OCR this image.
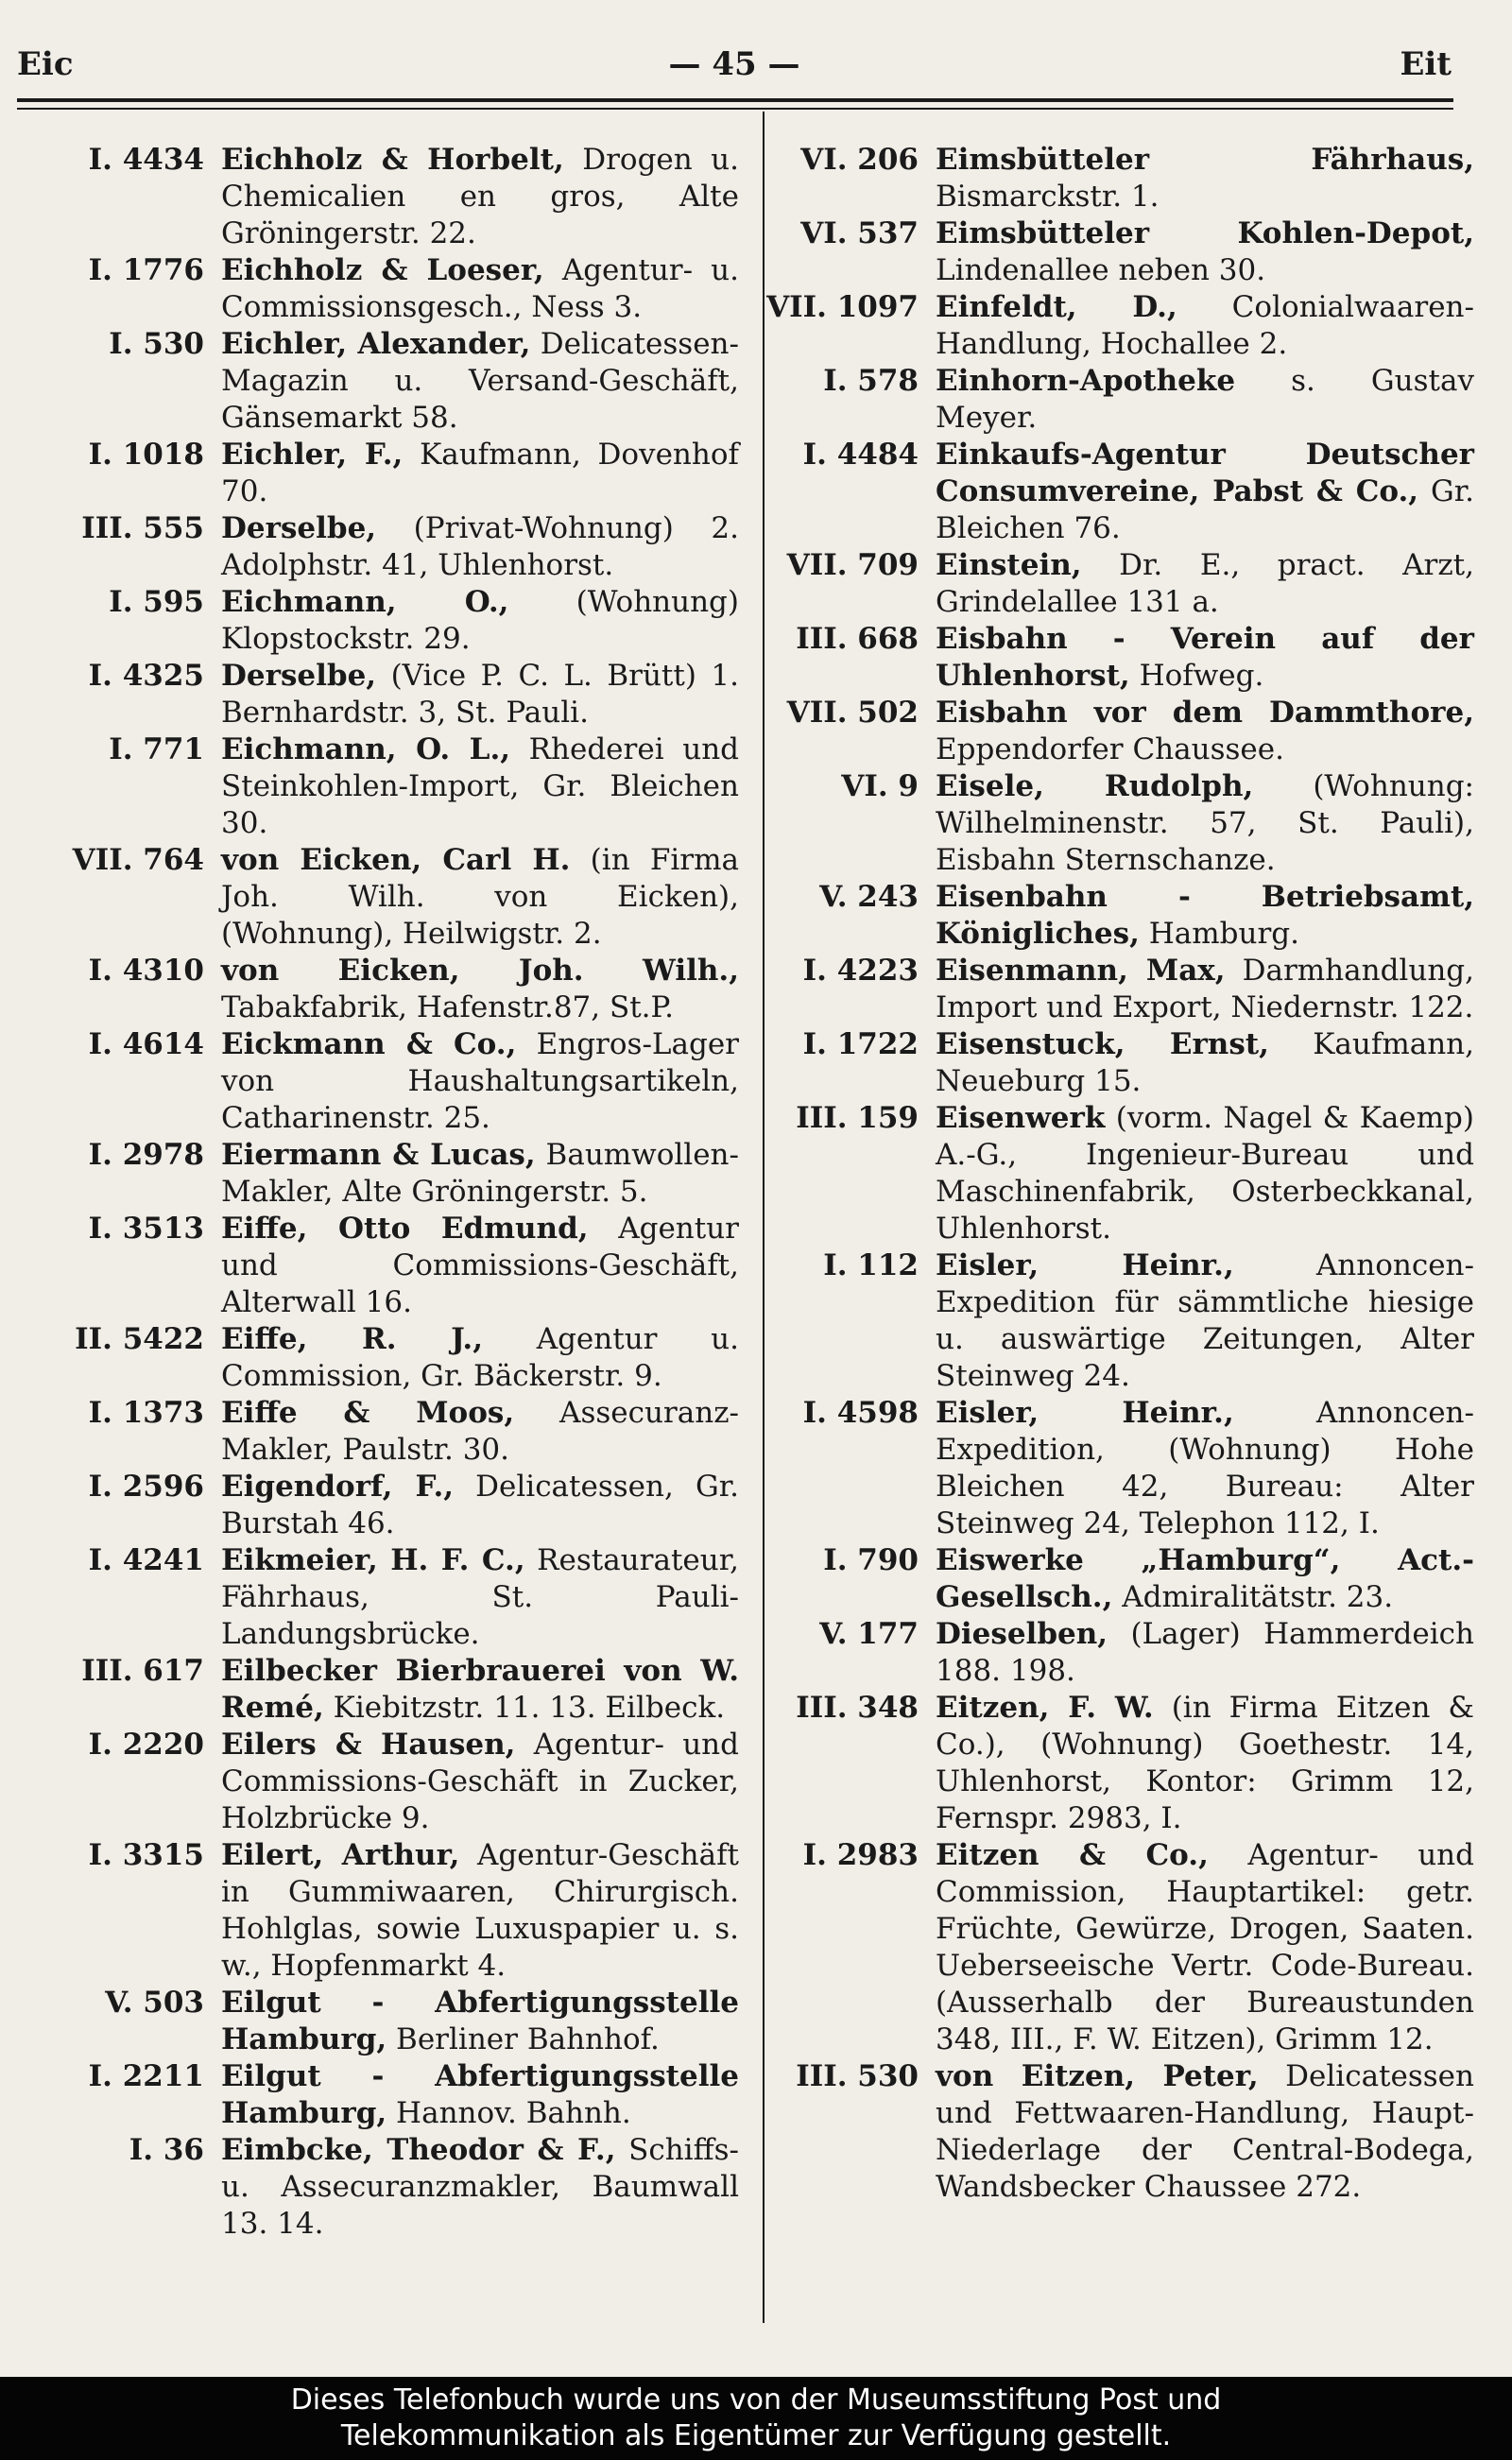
Eic	— 45 —	Eit
I. 4434 Eichholz & Horbelt, Drogen u. Chemicalien en gros, Alte Gröningerstr. 22.
I. 1776 Eichholz & Loeser, Agentur- u. Commissionsgesch., Ness 3.
I. 530 Eichler, Alexander, Delicatessen-Magazin u. Versand-Geschäft, Gänsemarkt 58.
I. 1018 Eichler, F., Kaufmann, Dovenhof 70.
III. 555 Derselbe, (Privat-Wohnung) 2. Adolphstr. 41, Uhlenhorst.
I. 595 Eichmann, O., (Wohnung) Klopstockstr. 29.
I. 4325 Derselbe, (Vice P. C. L. Brütt) 1. Bernhardstr. 3, St. Pauli.
I. 771 Eichmann, O. L., Rhederei und Steinkohlen-Import, Gr. Bleichen 30.
VII. 764 von Eicken, Carl H. (in Firma Joh. Wilh. von Eicken), (Wohnung), Heilwigstr. 2.
I. 4310 von Eicken, Joh. Wilh., Tabakfabrik, Hafenstr.87, St.P.
I. 4614 Eickmann & Co., Engros-Lager von Haushaltungsartikeln, Catharinenstr. 25.
I. 2978 Eiermann & Lucas, Baumwollen-Makler, Alte Gröningerstr. 5.
I. 3513 Eiffe, Otto Edmund, Agentur und Commissions-Geschäft, Alterwall 16.
II. 5422 Eiffe, R. J., Agentur u. Commission, Gr. Bäckerstr. 9.
I. 1373 Eiffe & Moos, Assecuranz-Makler, Paulstr. 30.
I. 2596 Eigendorf, F., Delicatessen, Gr. Burstah 46.
I. 4241 Eikmeier, H. F. C., Restaurateur, Fährhaus, St. Pauli-Landungsbrücke.
III. 617 Eilbecker Bierbrauerei von W. Remé, Kiebitzstr. 11. 13. Eilbeck.
I. 2220 Eilers & Hausen, Agentur- und Commissions-Geschäft in Zucker, Holzbrücke 9.
I. 3315 Eilert, Arthur, Agentur-Geschäft in Gummiwaaren, Chirurgisch. Hohlglas, sowie Luxuspapier u. s. w., Hopfenmarkt 4.
V. 503 Eilgut - Abfertigungsstelle Hamburg, Berliner Bahnhof.
I. 2211 Eilgut - Abfertigungsstelle Hamburg, Hannov. Bahnh.
I. 36 Eimbcke, Theodor & F., Schiffs- u. Assecuranzmakler, Baumwall 13. 14.
VI. 206 Eimsbütteler Fährhaus, Bismarckstr. 1.
VI. 537 Eimsbütteler Kohlen-Depot, Lindenallee neben 30.
VII. 1097 Einfeldt, D., Colonialwaaren-Handlung, Hochallee 2.
I. 578 Einhorn-Apotheke s. Gustav Meyer.
I. 4484 Einkaufs-Agentur Deutscher Consumvereine, Pabst & Co., Gr. Bleichen 76.
VII. 709 Einstein, Dr. E., pract. Arzt, Grindelallee 131 a.
III. 668 Eisbahn - Verein auf der Uhlenhorst, Hofweg.
VII. 502 Eisbahn vor dem Dammthore, Eppendorfer Chaussee.
VI. 9 Eisele, Rudolph, (Wohnung: Wilhelminenstr. 57, St. Pauli), Eisbahn Sternschanze.
V. 243 Eisenbahn - Betriebsamt, Königliches, Hamburg.
I. 4223 Eisenmann, Max, Darmhandlung, Import und Export, Niedernstr. 122.
I. 1722 Eisenstuck, Ernst, Kaufmann, Neueburg 15.
III. 159 Eisenwerk (vorm. Nagel & Kaemp) A.-G., Ingenieur-Bureau und Maschinenfabrik, Osterbeckkanal, Uhlenhorst.
I. 112 Eisler, Heinr., Annoncen-Expedition für sämmtliche hiesige u. auswärtige Zeitungen, Alter Steinweg 24.
I. 4598 Eisler, Heinr., Annoncen-Expedition, (Wohnung) Hohe Bleichen 42, Bureau: Alter Steinweg 24, Telephon 112, I.
I. 790 Eiswerke „Hamburg“, Act.-Gesellsch., Admiralitätstr. 23.
V. 177 Dieselben, (Lager) Hammerdeich 188. 198.
III. 348 Eitzen, F. W. (in Firma Eitzen & Co.), (Wohnung) Goethestr. 14, Uhlenhorst, Kontor: Grimm 12, Fernspr. 2983, I.
I. 2983 Eitzen & Co., Agentur- und Commission, Hauptartikel: getr. Früchte, Gewürze, Drogen, Saaten. Ueberseeische Vertr. Code-Bureau. (Ausserhalb der Bureaustunden 348, III., F. W. Eitzen), Grimm 12.
III. 530 von Eitzen, Peter, Delicatessen und Fettwaaren-Handlung, Haupt-Niederlage der Central-Bodega, Wandsbecker Chaussee 272.
Dieses Telefonbuch wurde uns von der Museumsstiftung Post und
Telekommunikation als Eigentümer zur Verfügung gestellt.
